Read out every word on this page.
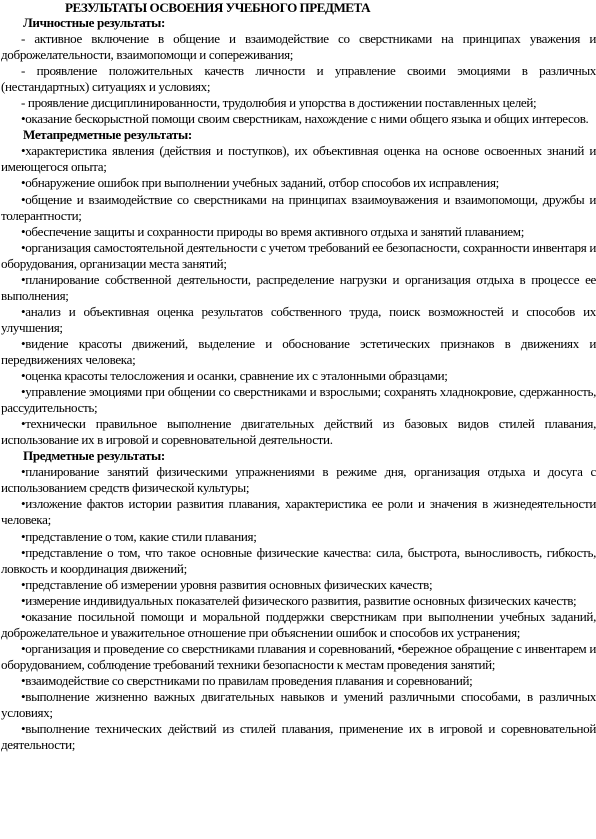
РЕЗУЛЬТАТЫ ОСВОЕНИЯ УЧЕБНОГО ПРЕДМЕТА

Личностные результаты:

- активное включение в общение и взаимодействие со сверстниками на принципах уважения и доброжелательности, взаимопомощи и сопереживания;

- проявление положительных качеств личности и управление своими эмоциями в различных (нестандартных) ситуациях и условиях;

- проявление дисциплинированности, трудолюбия и упорства в достижении поставленных целей;

•оказание бескорыстной помощи своим сверстникам, нахождение с ними общего языка и общих интересов.

Метапредметные результаты:

•характеристика явления (действия и поступков), их объективная оценка на основе освоенных знаний и имеющегося опыта;

•обнаружение ошибок при выполнении учебных заданий, отбор способов их исправления;

•общение и взаимодействие со сверстниками на принципах взаимоуважения и взаимопомощи, дружбы и толерантности;

•обеспечение защиты и сохранности природы во время активного отдыха и занятий плаванием;

•организация самостоятельной деятельности с учетом требований ее безопасности, сохранности инвентаря и оборудования, организации места занятий;

•планирование собственной деятельности, распределение нагрузки и организация отдыха в процессе ее выполнения;

•анализ и объективная оценка результатов собственного труда, поиск возможностей и способов их улучшения;

•видение красоты движений, выделение и обоснование эстетических признаков в движениях и передвижениях человека;

•оценка красоты телосложения и осанки, сравнение их с эталонными образцами;

•управление эмоциями при общении со сверстниками и взрослыми; сохранять хладнокровие, сдержанность, рассудительность;

•технически правильное выполнение двигательных действий из базовых видов стилей плавания, использование их в игровой и соревновательной деятельности.

Предметные результаты:

•планирование занятий физическими упражнениями в режиме дня, организация отдыха и досуга с использованием средств физической культуры;

•изложение фактов истории развития плавания, характеристика ее роли и значения в жизнедеятельности человека;

•представление о том, какие стили плавания;

•представление о том, что такое основные физические качества: сила, быстрота, выносливость, гибкость, ловкость и координация движений;

•представление об измерении уровня развития основных физических качеств;

•измерение индивидуальных показателей физического развития, развитие основных физических качеств;

•оказание посильной помощи и моральной поддержки сверстникам при выполнении учебных заданий, доброжелательное и уважительное отношение при объяснении ошибок и способов их устранения;

•организация и проведение со сверстниками плавания и соревнований, •бережное обращение с инвентарем и оборудованием, соблюдение требований техники безопасности к местам проведения занятий;

•взаимодействие со сверстниками по правилам проведения плавания и соревнований;

•выполнение жизненно важных двигательных навыков и умений различными способами, в различных условиях;

•выполнение технических действий из стилей плавания, применение их в игровой и соревновательной деятельности;
